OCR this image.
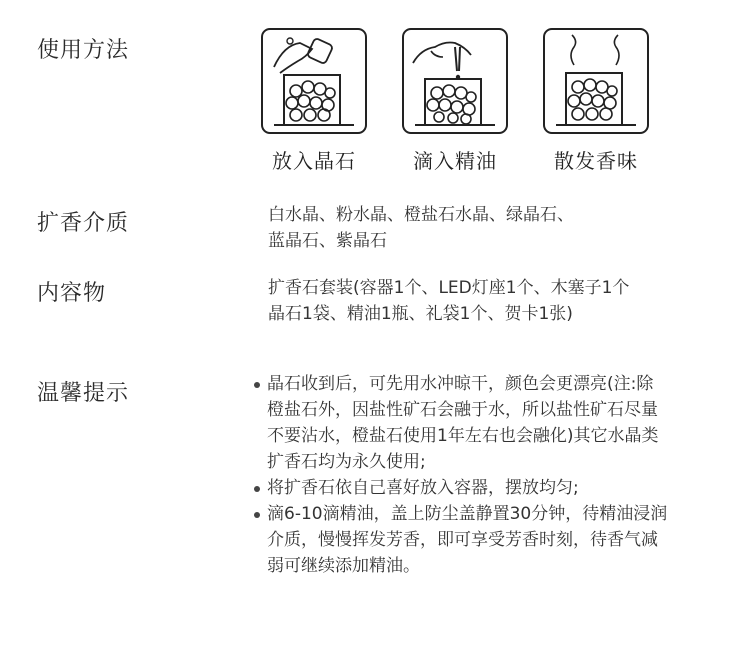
使用方法
放入晶石	滴入精油	散发香味
扩香介质	白水晶、粉水晶、橙盐石水晶、绿晶石、
蓝晶石、紫晶石
内容物	扩香石套装(容器1个、LED灯座1个、木塞子1个
晶石1袋、精油1瓶、礼袋1个、贺卡1张)
温馨提示	晶石收到后，可先用水冲晾干，颜色会更漂亮(注:除
橙盐石外，因盐性矿石会融于水，所以盐性矿石尽量
不要沾水，橙盐石使用1年左右也会融化)其它水晶类
扩香石均为永久使用;
将扩香石依自己喜好放入容器，摆放均匀;
滴6-10滴精油，盖上防尘盖静置30分钟，待精油浸润
介质，慢慢挥发芳香，即可享受芳香时刻，待香气减
弱可继续添加精油。
